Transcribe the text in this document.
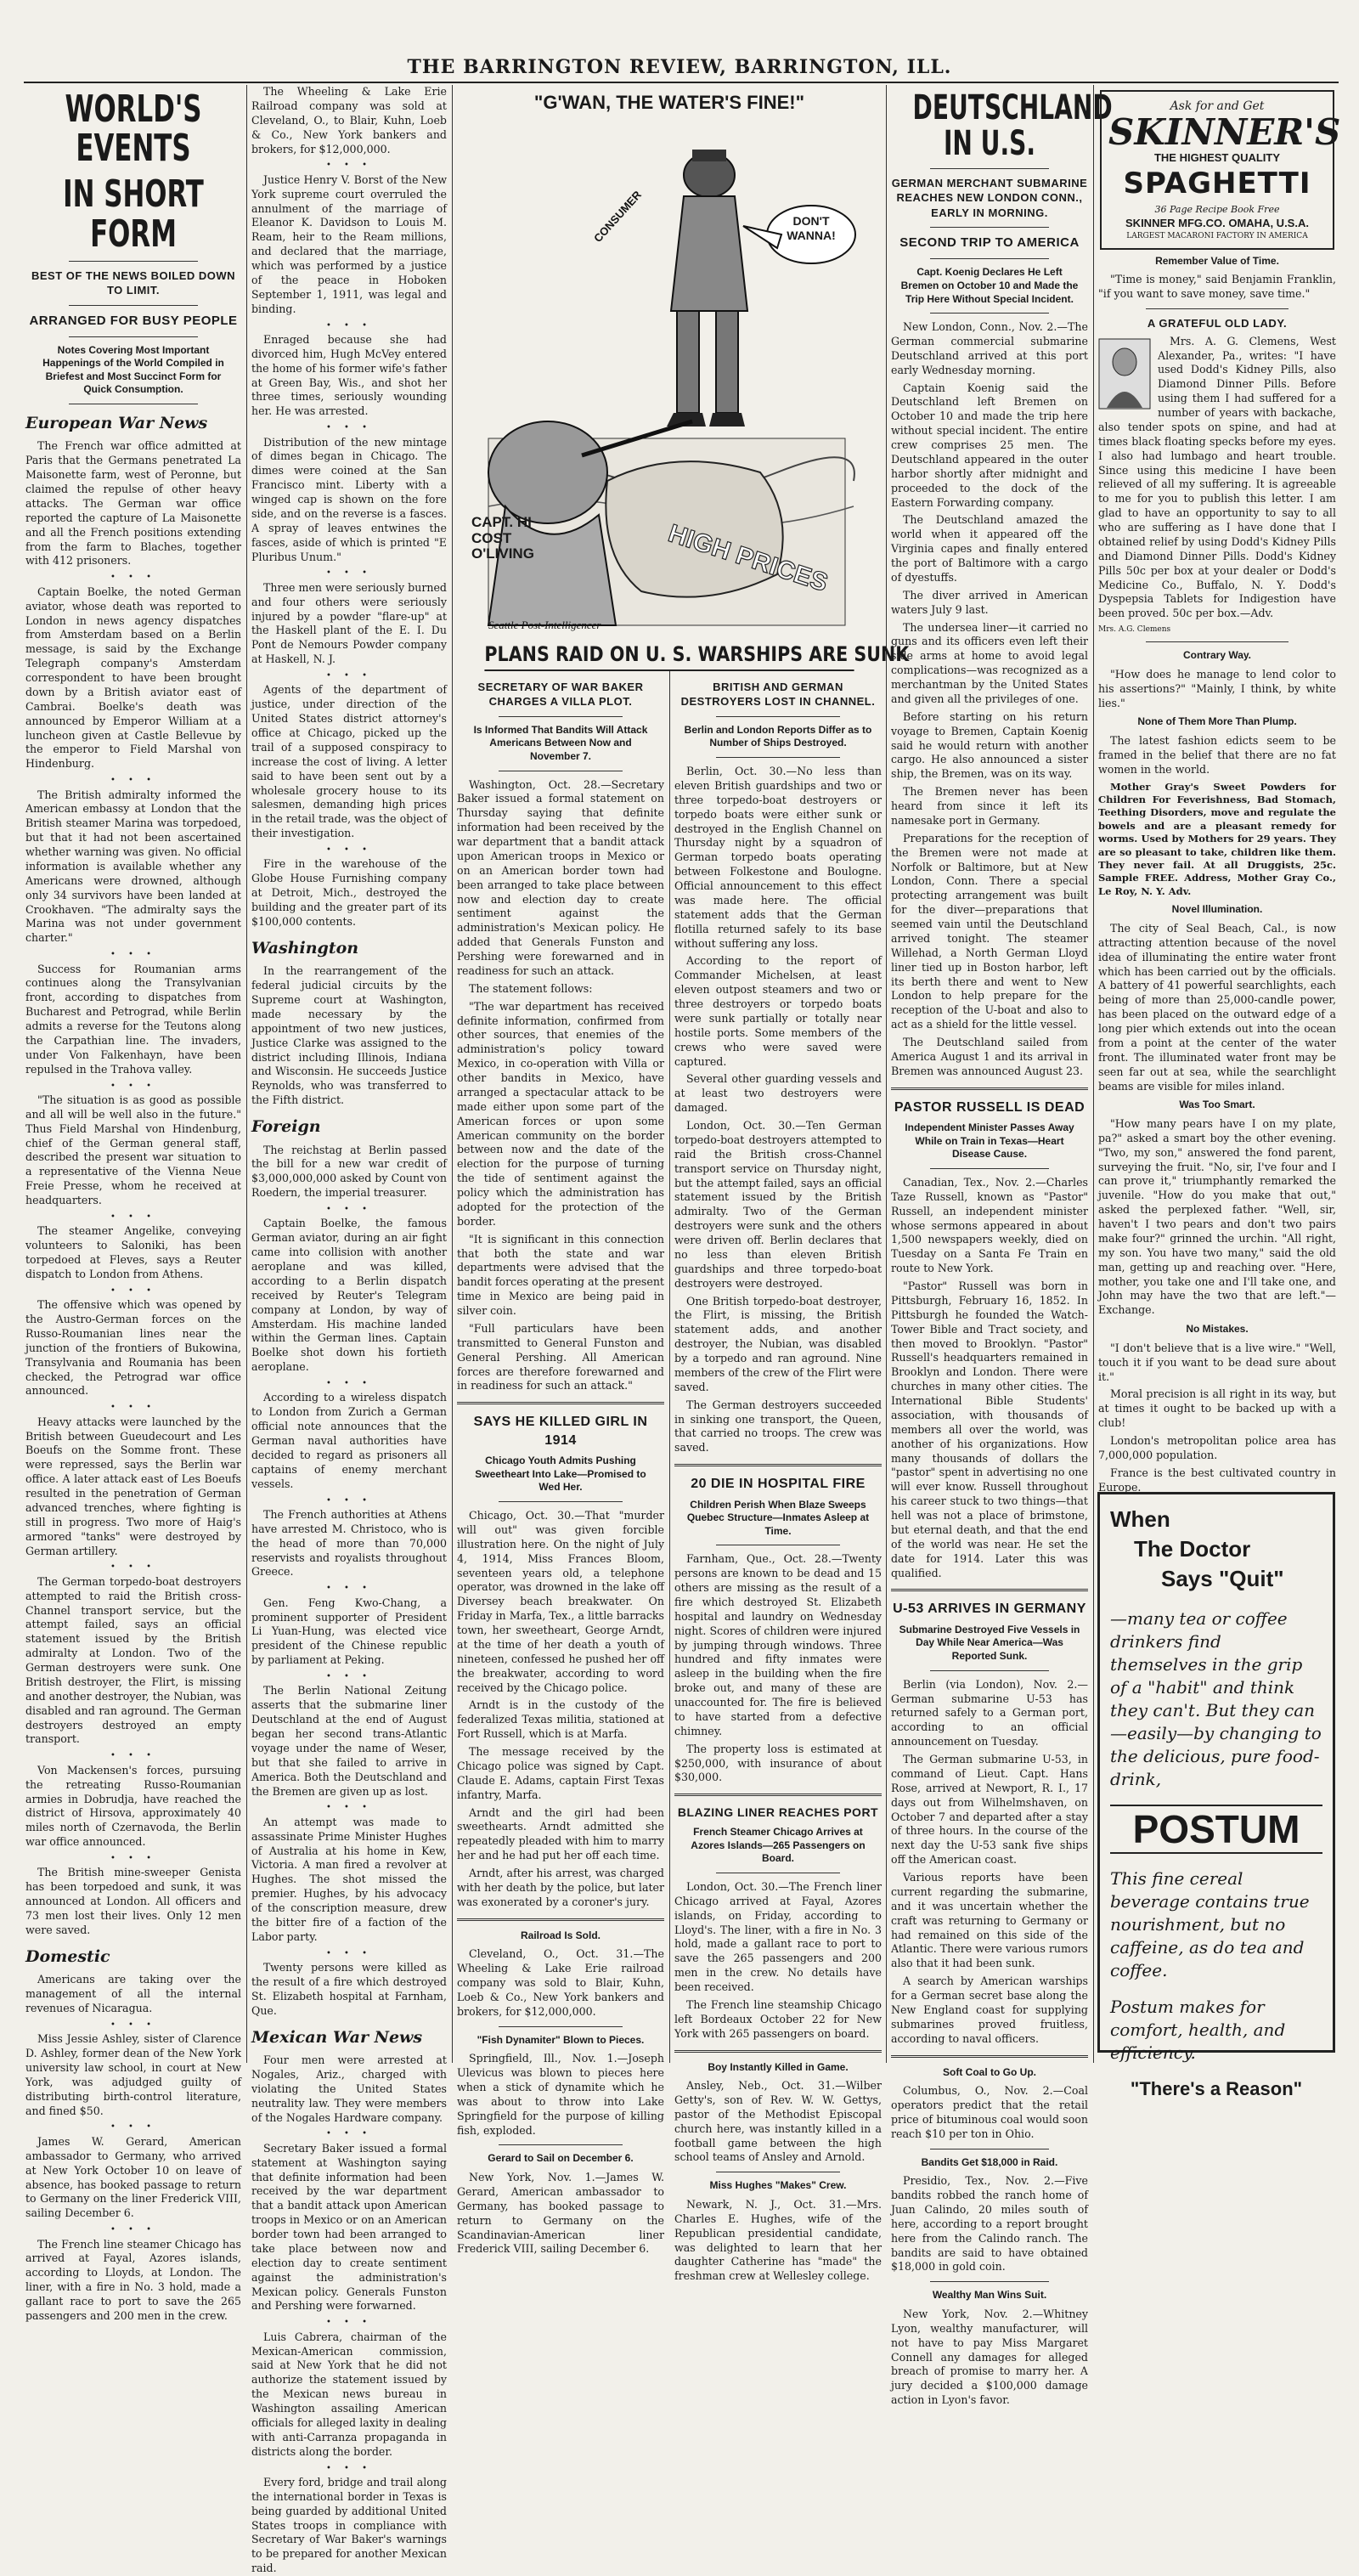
THE BARRINGTON REVIEW, BARRINGTON, ILL.
WORLD'S EVENTS
IN SHORT FORM
BEST OF THE NEWS BOILED DOWN TO LIMIT.
ARRANGED FOR BUSY PEOPLE
Notes Covering Most Important Happenings of the World Compiled in Briefest and Most Succinct Form for Quick Consumption.
European War News

The French war office admitted at Paris that the Germans penetrated La Maisonette farm, west of Peronne, but claimed the repulse of other heavy attacks. The German war office reported the capture of La Maisonette and all the French positions extending from the farm to Blaches, together with 412 prisoners.

• • •

Captain Boelke, the noted German aviator, whose death was reported to London in news agency dispatches from Amsterdam based on a Berlin message, is said by the Exchange Telegraph company's Amsterdam correspondent to have been brought down by a British aviator east of Cambrai. Boelke's death was announced by Emperor William at a luncheon given at Castle Bellevue by the emperor to Field Marshal von Hindenburg.

• • •

The British admiralty informed the American embassy at London that the British steamer Marina was torpedoed, but that it had not been ascertained whether warning was given. No official information is available whether any Americans were drowned, although only 34 survivors have been landed at Crookhaven. "The admiralty says the Marina was not under government charter."

• • •

Success for Roumanian arms continues along the Transylvanian front, according to dispatches from Bucharest and Petrograd, while Berlin admits a reverse for the Teutons along the Carpathian line. The invaders, under Von Falkenhayn, have been repulsed in the Trahova valley.

• • •

"The situation is as good as possible and all will be well also in the future." Thus Field Marshal von Hindenburg, chief of the German general staff, described the present war situation to a representative of the Vienna Neue Freie Presse, whom he received at headquarters.

• • •

The steamer Angelike, conveying volunteers to Saloniki, has been torpedoed at Fleves, says a Reuter dispatch to London from Athens.

• • •

The offensive which was opened by the Austro-German forces on the Russo-Roumanian lines near the junction of the frontiers of Bukowina, Transylvania and Roumania has been checked, the Petrograd war office announced.

• • •

Heavy attacks were launched by the British between Gueudecourt and Les Boeufs on the Somme front. These were repressed, says the Berlin war office. A later attack east of Les Boeufs resulted in the penetration of German advanced trenches, where fighting is still in progress. Two more of Haig's armored "tanks" were destroyed by German artillery.

• • •

The German torpedo-boat destroyers attempted to raid the British cross-Channel transport service, but the attempt failed, says an official statement issued by the British admiralty at London. Two of the German destroyers were sunk. One British destroyer, the Flirt, is missing and another destroyer, the Nubian, was disabled and ran aground. The German destroyers destroyed an empty transport.

• • •

Von Mackensen's forces, pursuing the retreating Russo-Roumanian armies in Dobrudja, have reached the district of Hirsova, approximately 40 miles north of Czernavoda, the Berlin war office announced.

• • •

The British mine-sweeper Genista has been torpedoed and sunk, it was announced at London. All officers and 73 men lost their lives. Only 12 men were saved.

Domestic

Americans are taking over the management of all the internal revenues of Nicaragua.

• • •

Miss Jessie Ashley, sister of Clarence D. Ashley, former dean of the New York university law school, in court at New York, was adjudged guilty of distributing birth-control literature, and fined $50.

• • •

James W. Gerard, American ambassador to Germany, who arrived at New York October 10 on leave of absence, has booked passage to return to Germany on the liner Frederick VIII, sailing December 6.

• • •

The French line steamer Chicago has arrived at Fayal, Azores islands, according to Lloyds, at London. The liner, with a fire in No. 3 hold, made a gallant race to port to save the 265 passengers and 200 men in the crew.

The Wheeling & Lake Erie Railroad company was sold at Cleveland, O., to Blair, Kuhn, Loeb & Co., New York bankers and brokers, for $12,000,000.

• • •

Justice Henry V. Borst of the New York supreme court overruled the annulment of the marriage of Eleanor K. Davidson to Louis M. Ream, heir to the Ream millions, and declared that the marriage, which was performed by a justice of the peace in Hoboken September 1, 1911, was legal and binding.

• • •

Enraged because she had divorced him, Hugh McVey entered the home of his former wife's father at Green Bay, Wis., and shot her three times, seriously wounding her. He was arrested.

• • •

Distribution of the new mintage of dimes began in Chicago. The dimes were coined at the San Francisco mint. Liberty with a winged cap is shown on the fore side, and on the reverse is a fasces. A spray of leaves entwines the fasces, aside of which is printed "E Pluribus Unum."

• • •

Three men were seriously burned and four others were seriously injured by a powder "flare-up" at the Haskell plant of the E. I. Du Pont de Nemours Powder company at Haskell, N. J.

• • •

Agents of the department of justice, under direction of the United States district attorney's office at Chicago, picked up the trail of a supposed conspiracy to increase the cost of living. A letter said to have been sent out by a wholesale grocery house to its salesmen, demanding high prices in the retail trade, was the object of their investigation.

• • •

Fire in the warehouse of the Globe House Furnishing company at Detroit, Mich., destroyed the building and the greater part of its $100,000 contents.

Washington

In the rearrangement of the federal judicial circuits by the Supreme court at Washington, made necessary by the appointment of two new justices, Justice Clarke was assigned to the district including Illinois, Indiana and Wisconsin. He succeeds Justice Reynolds, who was transferred to the Fifth district.

Foreign

The reichstag at Berlin passed the bill for a new war credit of $3,000,000,000 asked by Count von Roedern, the imperial treasurer.

• • •

Captain Boelke, the famous German aviator, during an air fight came into collision with another aeroplane and was killed, according to a Berlin dispatch received by Reuter's Telegram company at London, by way of Amsterdam. His machine landed within the German lines. Captain Boelke shot down his fortieth aeroplane.

• • •

According to a wireless dispatch to London from Zurich a German official note announces that the German naval authorities have decided to regard as prisoners all captains of enemy merchant vessels.

• • •

The French authorities at Athens have arrested M. Christoco, who is the head of more than 70,000 reservists and royalists throughout Greece.

• • •

Gen. Feng Kwo-Chang, a prominent supporter of President Li Yuan-Hung, was elected vice president of the Chinese republic by parliament at Peking.

• • •

The Berlin National Zeitung asserts that the submarine liner Deutschland at the end of August began her second trans-Atlantic voyage under the name of Weser, but that she failed to arrive in America. Both the Deutschland and the Bremen are given up as lost.

• • •

An attempt was made to assassinate Prime Minister Hughes of Australia at his home in Kew, Victoria. A man fired a revolver at Hughes. The shot missed the premier. Hughes, by his advocacy of the conscription measure, drew the bitter fire of a faction of the Labor party.

• • •

Twenty persons were killed as the result of a fire which destroyed St. Elizabeth hospital at Farnham, Que.

Mexican War News

Four men were arrested at Nogales, Ariz., charged with violating the United States neutrality law. They were members of the Nogales Hardware company.

• • •

Secretary Baker issued a formal statement at Washington saying that definite information had been received by the war department that a bandit attack upon American troops in Mexico or on an American border town had been arranged to take place between now and election day to create sentiment against the administration's Mexican policy. Generals Funston and Pershing were forwarned.

• • •

Luis Cabrera, chairman of the Mexican-American commission, said at New York that he did not authorize the statement issued by the Mexican news bureau in Washington assailing American officials for alleged laxity in dealing with anti-Carranza propaganda in districts along the border.

• • •

Every ford, bridge and trail along the international border in Texas is being guarded by additional United States troops in compliance with Secretary of War Baker's warnings to be prepared for another Mexican raid.

"G'WAN, THE WATER'S FINE!"
HIGH PRICES
CONSUMER	DON'T WANNA!
CAPT. HI COST O'LIVING
Seattle Post-Intelligencer
PLANS RAID ON U. S. WARSHIPS ARE SUNK
SECRETARY OF WAR BAKER CHARGES A VILLA PLOT.
Is Informed That Bandits Will Attack Americans Between Now and November 7.

Washington, Oct. 28.—Secretary Baker issued a formal statement on Thursday saying that definite information had been received by the war department that a bandit attack upon American troops in Mexico or on an American border town had been arranged to take place between now and election day to create sentiment against the administration's Mexican policy. He added that Generals Funston and Pershing were forewarned and in readiness for such an attack.

The statement follows:

"The war department has received definite information, confirmed from other sources, that enemies of the administration's policy toward Mexico, in co-operation with Villa or other bandits in Mexico, have arranged a spectacular attack to be made either upon some part of the American forces or upon some American community on the border between now and the date of the election for the purpose of turning the tide of sentiment against the policy which the administration has adopted for the protection of the border.

"It is significant in this connection that both the state and war departments were advised that the bandit forces operating at the present time in Mexico are being paid in silver coin.

"Full particulars have been transmitted to General Funston and General Pershing. All American forces are therefore forewarned and in readiness for such an attack."

SAYS HE KILLED GIRL IN 1914
Chicago Youth Admits Pushing Sweetheart Into Lake—Promised to Wed Her.

Chicago, Oct. 30.—That "murder will out" was given forcible illustration here. On the night of July 4, 1914, Miss Frances Bloom, seventeen years old, a telephone operator, was drowned in the lake off Diversey beach breakwater. On Friday in Marfa, Tex., a little barracks town, her sweetheart, George Arndt, at the time of her death a youth of nineteen, confessed he pushed her off the breakwater, according to word received by the Chicago police.

Arndt is in the custody of the federalized Texas militia, stationed at Fort Russell, which is at Marfa.

The message received by the Chicago police was signed by Capt. Claude E. Adams, captain First Texas infantry, Marfa.

Arndt and the girl had been sweethearts. Arndt admitted she repeatedly pleaded with him to marry her and he had put her off each time.

Arndt, after his arrest, was charged with her death by the police, but later was exonerated by a coroner's jury.

Railroad Is Sold.

Cleveland, O., Oct. 31.—The Wheeling & Lake Erie railroad company was sold to Blair, Kuhn, Loeb & Co., New York bankers and brokers, for $12,000,000.

"Fish Dynamiter" Blown to Pieces.

Springfield, Ill., Nov. 1.—Joseph Ulevicus was blown to pieces here when a stick of dynamite which he was about to throw into Lake Springfield for the purpose of killing fish, exploded.

Gerard to Sail on December 6.

New York, Nov. 1.—James W. Gerard, American ambassador to Germany, has booked passage to return to Germany on the Scandinavian-American liner Frederick VIII, sailing December 6.

BRITISH AND GERMAN DESTROYERS LOST IN CHANNEL.
Berlin and London Reports Differ as to Number of Ships Destroyed.

Berlin, Oct. 30.—No less than eleven British guardships and two or three torpedo-boat destroyers or torpedo boats were either sunk or destroyed in the English Channel on Thursday night by a squadron of German torpedo boats operating between Folkestone and Boulogne. Official announcement to this effect was made here. The official statement adds that the German flotilla returned safely to its base without suffering any loss.

According to the report of Commander Michelsen, at least eleven outpost steamers and two or three destroyers or torpedo boats were sunk partially or totally near hostile ports. Some members of the crews who were saved were captured.

Several other guarding vessels and at least two destroyers were damaged.

London, Oct. 30.—Ten German torpedo-boat destroyers attempted to raid the British cross-Channel transport service on Thursday night, but the attempt failed, says an official statement issued by the British admiralty. Two of the German destroyers were sunk and the others were driven off. Berlin declares that no less than eleven British guardships and three torpedo-boat destroyers were destroyed.

One British torpedo-boat destroyer, the Flirt, is missing, the British statement adds, and another destroyer, the Nubian, was disabled by a torpedo and ran aground. Nine members of the crew of the Flirt were saved.

The German destroyers succeeded in sinking one transport, the Queen, that carried no troops. The crew was saved.

20 DIE IN HOSPITAL FIRE
Children Perish When Blaze Sweeps Quebec Structure—Inmates Asleep at Time.

Farnham, Que., Oct. 28.—Twenty persons are known to be dead and 15 others are missing as the result of a fire which destroyed St. Elizabeth hospital and laundry on Wednesday night. Scores of children were injured by jumping through windows. Three hundred and fifty inmates were asleep in the building when the fire broke out, and many of these are unaccounted for. The fire is believed to have started from a defective chimney.

The property loss is estimated at $250,000, with insurance of about $30,000.

BLAZING LINER REACHES PORT
French Steamer Chicago Arrives at Azores Islands—265 Passengers on Board.

London, Oct. 30.—The French liner Chicago arrived at Fayal, Azores islands, on Friday, according to Lloyd's. The liner, with a fire in No. 3 hold, made a gallant race to port to save the 265 passengers and 200 men in the crew. No details have been received.

The French line steamship Chicago left Bordeaux October 22 for New York with 265 passengers on board.

Boy Instantly Killed in Game.

Ansley, Neb., Oct. 31.—Wilber Getty's, son of Rev. W. W. Gettys, pastor of the Methodist Episcopal church here, was instantly killed in a football game between the high school teams of Ansley and Arnold.

Miss Hughes "Makes" Crew.

Newark, N. J., Oct. 31.—Mrs. Charles E. Hughes, wife of the Republican presidential candidate, was delighted to learn that her daughter Catherine has "made" the freshman crew at Wellesley college.

DEUTSCHLAND IN U.S.
GERMAN MERCHANT SUBMARINE REACHES NEW LONDON CONN., EARLY IN MORNING.
SECOND TRIP TO AMERICA
Capt. Koenig Declares He Left Bremen on October 10 and Made the Trip Here Without Special Incident.

New London, Conn., Nov. 2.—The German commercial submarine Deutschland arrived at this port early Wednesday morning.

Captain Koenig said the Deutschland left Bremen on October 10 and made the trip here without special incident. The entire crew comprises 25 men. The Deutschland appeared in the outer harbor shortly after midnight and proceeded to the dock of the Eastern Forwarding company.

The Deutschland amazed the world when it appeared off the Virginia capes and finally entered the port of Baltimore with a cargo of dyestuffs.

The diver arrived in American waters July 9 last.

The undersea liner—it carried no guns and its officers even left their side arms at home to avoid legal complications—was recognized as a merchantman by the United States and given all the privileges of one.

Before starting on his return voyage to Bremen, Captain Koenig said he would return with another cargo. He also announced a sister ship, the Bremen, was on its way.

The Bremen never has been heard from since it left its namesake port in Germany.

Preparations for the reception of the Bremen were not made at Norfolk or Baltimore, but at New London, Conn. There a special protecting arrangement was built for the diver—preparations that seemed vain until the Deutschland arrived tonight. The steamer Willehad, a North German Lloyd liner tied up in Boston harbor, left its berth there and went to New London to help prepare for the reception of the U-boat and also to act as a shield for the little vessel.

The Deutschland sailed from America August 1 and its arrival in Bremen was announced August 23.

PASTOR RUSSELL IS DEAD
Independent Minister Passes Away While on Train in Texas—Heart Disease Cause.

Canadian, Tex., Nov. 2.—Charles Taze Russell, known as "Pastor" Russell, an independent minister whose sermons appeared in about 1,500 newspapers weekly, died on Tuesday on a Santa Fe Train en route to New York.

"Pastor" Russell was born in Pittsburgh, February 16, 1852. In Pittsburgh he founded the Watch-Tower Bible and Tract society, and then moved to Brooklyn. "Pastor" Russell's headquarters remained in Brooklyn and London. There were churches in many other cities. The International Bible Students' association, with thousands of members all over the world, was another of his organizations. How many thousands of dollars the "pastor" spent in advertising no one will ever know. Russell throughout his career stuck to two things—that hell was not a place of brimstone, but eternal death, and that the end of the world was near. He set the date for 1914. Later this was qualified.

U-53 ARRIVES IN GERMANY
Submarine Destroyed Five Vessels in Day While Near America—Was Reported Sunk.

Berlin (via London), Nov. 2.—German submarine U-53 has returned safely to a German port, according to an official announcement on Tuesday.

The German submarine U-53, in command of Lieut. Capt. Hans Rose, arrived at Newport, R. I., 17 days out from Wilhelmshaven, on October 7 and departed after a stay of three hours. In the course of the next day the U-53 sank five ships off the American coast.

Various reports have been current regarding the submarine, and it was uncertain whether the craft was returning to Germany or had remained on this side of the Atlantic. There were various rumors also that it had been sunk.

A search by American warships for a German secret base along the New England coast for supplying submarines proved fruitless, according to naval officers.

Soft Coal to Go Up.

Columbus, O., Nov. 2.—Coal operators predict that the retail price of bituminous coal would soon reach $10 per ton in Ohio.

Bandits Get $18,000 in Raid.

Presidio, Tex., Nov. 2.—Five bandits robbed the ranch home of Juan Calindo, 20 miles south of here, according to a report brought here from the Calindo ranch. The bandits are said to have obtained $18,000 in gold coin.

Wealthy Man Wins Suit.

New York, Nov. 2.—Whitney Lyon, wealthy manufacturer, will not have to pay Miss Margaret Connell any damages for alleged breach of promise to marry her. A jury decided a $100,000 damage action in Lyon's favor.

Ask for and Get
SKINNER'S
THE HIGHEST QUALITY
SPAGHETTI
36 Page Recipe Book Free
SKINNER MFG.CO. OMAHA, U.S.A.
LARGEST MACARONI FACTORY IN AMERICA
Remember Value of Time.

"Time is money," said Benjamin Franklin, "if you want to save money, save time."

A GRATEFUL OLD LADY.

Mrs. A. G. Clemens, West Alexander, Pa., writes: "I have used Dodd's Kidney Pills, also Diamond Dinner Pills. Before using them I had suffered for a number of years with backache, also tender spots on spine, and had at times black floating specks before my eyes. I also had lumbago and heart trouble. Since using this medicine I have been relieved of all my suffering. It is agreeable to me for you to publish this letter. I am glad to have an opportunity to say to all who are suffering as I have done that I obtained relief by using Dodd's Kidney Pills and Diamond Dinner Pills. Dodd's Kidney Pills 50c per box at your dealer or Dodd's Medicine Co., Buffalo, N. Y. Dodd's Dyspepsia Tablets for Indigestion have been proved. 50c per box.—Adv.

Mrs. A.G. Clemens
Contrary Way.

"How does he manage to lend color to his assertions?" "Mainly, I think, by white lies."

None of Them More Than Plump.

The latest fashion edicts seem to be framed in the belief that there are no fat women in the world.

Mother Gray's Sweet Powders for Children For Feverishness, Bad Stomach, Teething Disorders, move and regulate the bowels and are a pleasant remedy for worms. Used by Mothers for 29 years. They are so pleasant to take, children like them. They never fail. At all Druggists, 25c. Sample FREE. Address, Mother Gray Co., Le Roy, N. Y. Adv.

Novel Illumination.

The city of Seal Beach, Cal., is now attracting attention because of the novel idea of illuminating the entire water front which has been carried out by the officials. A battery of 41 powerful searchlights, each being of more than 25,000-candle power, has been placed on the outward edge of a long pier which extends out into the ocean from a point at the center of the water front. The illuminated water front may be seen far out at sea, while the searchlight beams are visible for miles inland.

Was Too Smart.

"How many pears have I on my plate, pa?" asked a smart boy the other evening. "Two, my son," answered the fond parent, surveying the fruit. "No, sir, I've four and I can prove it," triumphantly remarked the juvenile. "How do you make that out," asked the perplexed father. "Well, sir, haven't I two pears and don't two pairs make four?" grinned the urchin. "All right, my son. You have two many," said the old man, getting up and reaching over. "Here, mother, you take one and I'll take one, and John may have the two that are left."—Exchange.

No Mistakes.

"I don't believe that is a live wire." "Well, touch it if you want to be dead sure about it."

Moral precision is all right in its way, but at times it ought to be backed up with a club!

London's metropolitan police area has 7,000,000 population.

France is the best cultivated country in Europe.

When
The Doctor
Says "Quit"
—many tea or coffee drinkers find themselves in the grip of a "habit" and think they can't. But they can—easily—by changing to the delicious, pure food-drink,
POSTUM
This fine cereal beverage contains true nourishment, but no caffeine, as do tea and coffee.
Postum makes for comfort, health, and efficiency.
"There's a Reason"
